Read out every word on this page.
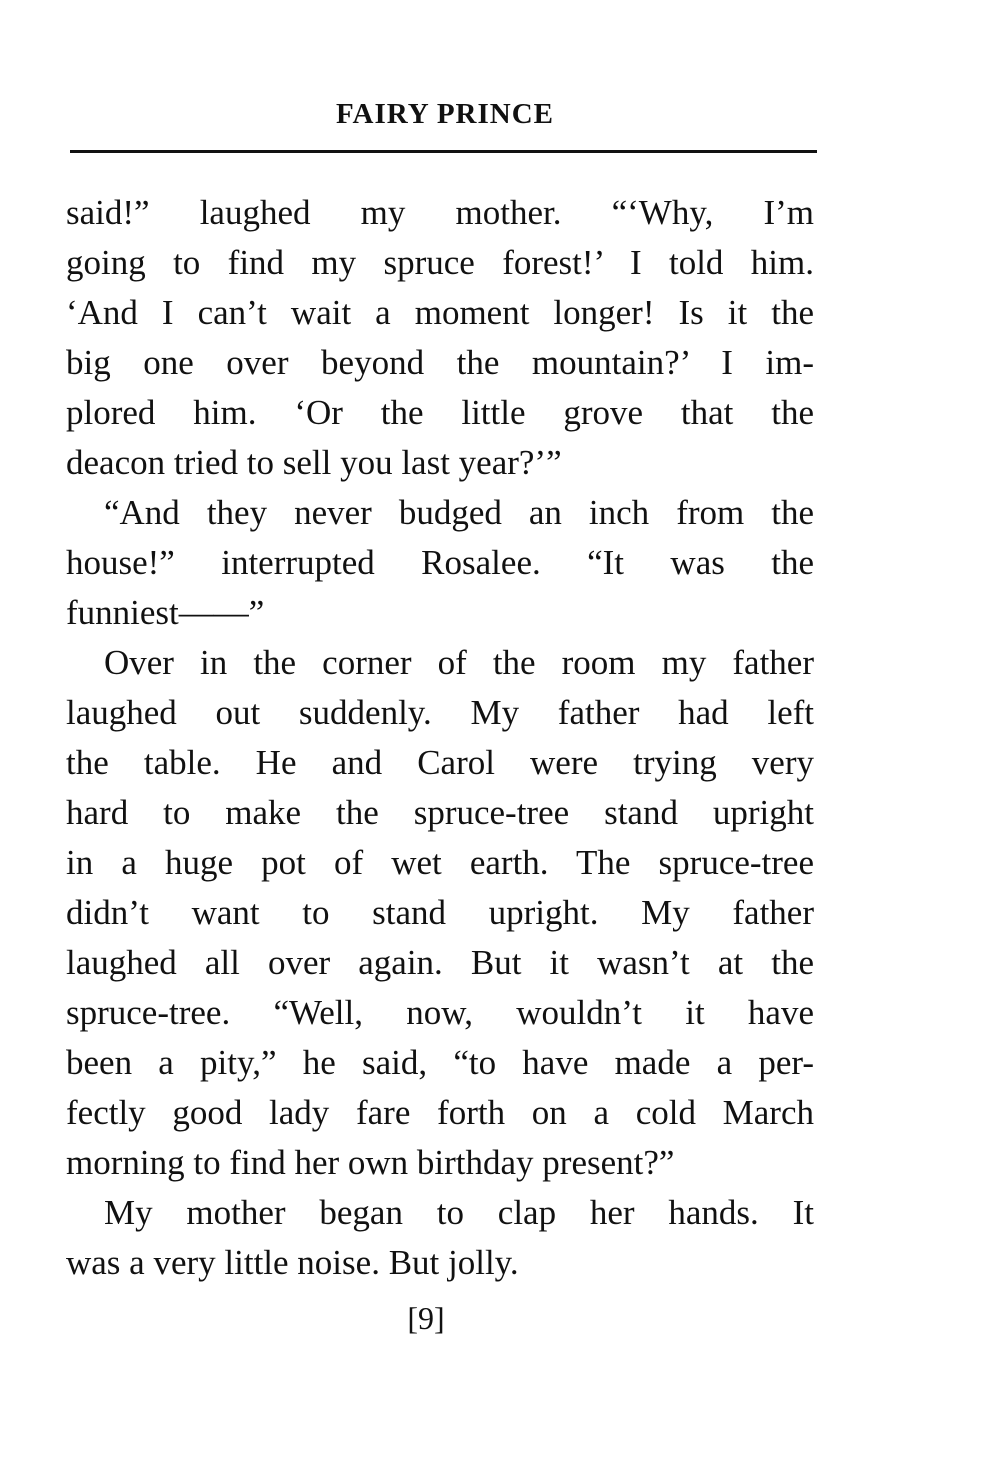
FAIRY PRINCE
said!” laughed my mother. “‘Why, I’m
going to find my spruce forest!’ I told him.
‘And I can’t wait a moment longer! Is it the
big one over beyond the mountain?’ I im-
plored him. ‘Or the little grove that the
deacon tried to sell you last year?’”
“And they never budged an inch from the
house!” interrupted Rosalee. “It was the
funniest——”
Over in the corner of the room my father
laughed out suddenly. My father had left
the table. He and Carol were trying very
hard to make the spruce-tree stand upright
in a huge pot of wet earth. The spruce-tree
didn’t want to stand upright. My father
laughed all over again. But it wasn’t at the
spruce-tree. “Well, now, wouldn’t it have
been a pity,” he said, “to have made a per-
fectly good lady fare forth on a cold March
morning to find her own birthday present?”
My mother began to clap her hands. It
was a very little noise. But jolly.
[9]
